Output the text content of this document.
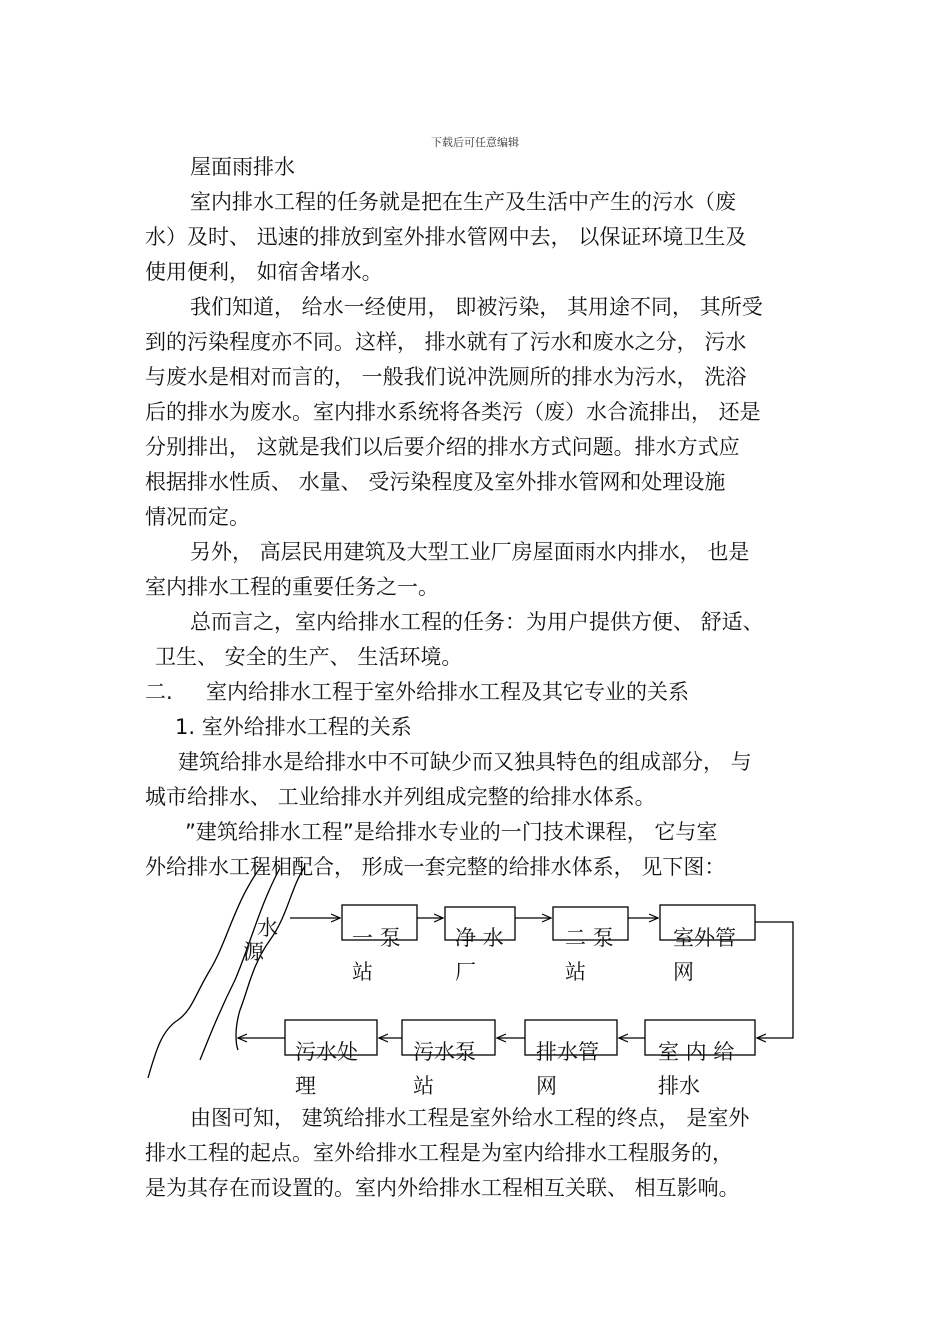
下载后可任意编辑
屋面雨排水
室内排水工程的任务就是把在生产及生活中产生的污水（废
水）及时、 迅速的排放到室外排水管网中去， 以保证环境卫生及
使用便利， 如宿舍堵水。
我们知道， 给水一经使用， 即被污染， 其用途不同， 其所受
到的污染程度亦不同。这样， 排水就有了污水和废水之分， 污水
与废水是相对而言的， 一般我们说冲洗厕所的排水为污水， 洗浴
后的排水为废水。室内排水系统将各类污（废）水合流排出， 还是
分别排出， 这就是我们以后要介绍的排水方式问题。排水方式应
根据排水性质、 水量、 受污染程度及室外排水管网和处理设施
情况而定。
另外， 高层民用建筑及大型工业厂房屋面雨水内排水， 也是
室内排水工程的重要任务之一。
总而言之，室内给排水工程的任务：为用户提供方便、 舒适、
卫生、 安全的生产、 生活环境。
二.     室内给排水工程于室外给排水工程及其它专业的关系
1. 室外给排水工程的关系
建筑给排水是给排水中不可缺少而又独具特色的组成部分， 与
城市给排水、 工业给排水并列组成完整的给排水体系。
”建筑给排水工程”是给排水专业的一门技术课程， 它与室
外给排水工程相配合， 形成一套完整的给排水体系， 见下图：
水
源
一 泵
站
净 水
厂
二 泵
站
室外管
网
污水处
理
污水泵
站
排水管
网
室 内 给
排水
由图可知， 建筑给排水工程是室外给水工程的终点， 是室外
排水工程的起点。室外给排水工程是为室内给排水工程服务的，
是为其存在而设置的。室内外给排水工程相互关联、 相互影响。
